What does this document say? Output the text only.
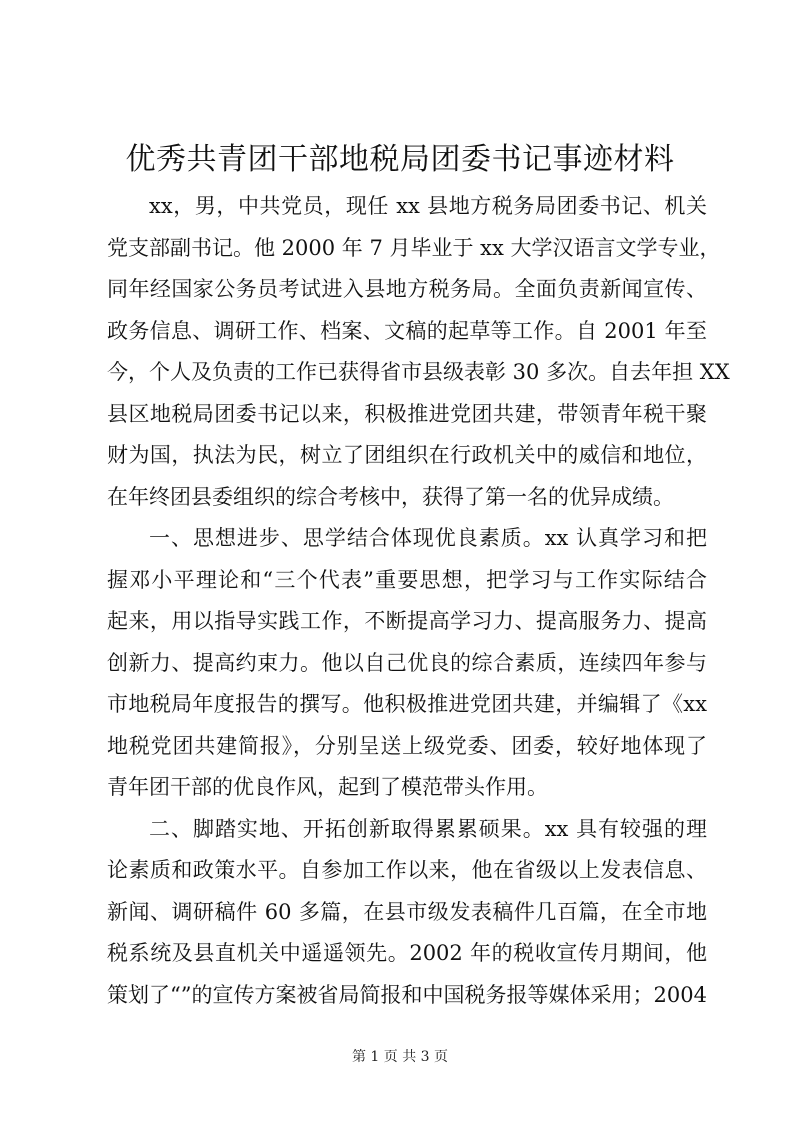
优秀共青团干部地税局团委书记事迹材料

xx，男，中共党员，现任 xx 县地方税务局团委书记、机关
党支部副书记。他 2000 年 7 月毕业于 xx 大学汉语言文学专业，
同年经国家公务员考试进入县地方税务局。全面负责新闻宣传、
政务信息、调研工作、档案、文稿的起草等工作。自 2001 年至
今，个人及负责的工作已获得省市县级表彰 30 多次。自去年担 XX
县区地税局团委书记以来，积极推进党团共建，带领青年税干聚
财为国，执法为民，树立了团组织在行政机关中的威信和地位，
在年终团县委组织的综合考核中，获得了第一名的优异成绩。

一、思想进步、思学结合体现优良素质。xx 认真学习和把
握邓小平理论和“三个代表”重要思想，把学习与工作实际结合
起来，用以指导实践工作，不断提高学习力、提高服务力、提高
创新力、提高约束力。他以自己优良的综合素质，连续四年参与
市地税局年度报告的撰写。他积极推进党团共建，并编辑了《xx
地税党团共建简报》，分别呈送上级党委、团委，较好地体现了
青年团干部的优良作风，起到了模范带头作用。

二、脚踏实地、开拓创新取得累累硕果。xx 具有较强的理
论素质和政策水平。自参加工作以来，他在省级以上发表信息、
新闻、调研稿件 60 多篇，在县市级发表稿件几百篇，在全市地
税系统及县直机关中遥遥领先。2002 年的税收宣传月期间，他
策划了“”的宣传方案被省局简报和中国税务报等媒体采用；2004

第 1 页 共 3 页
